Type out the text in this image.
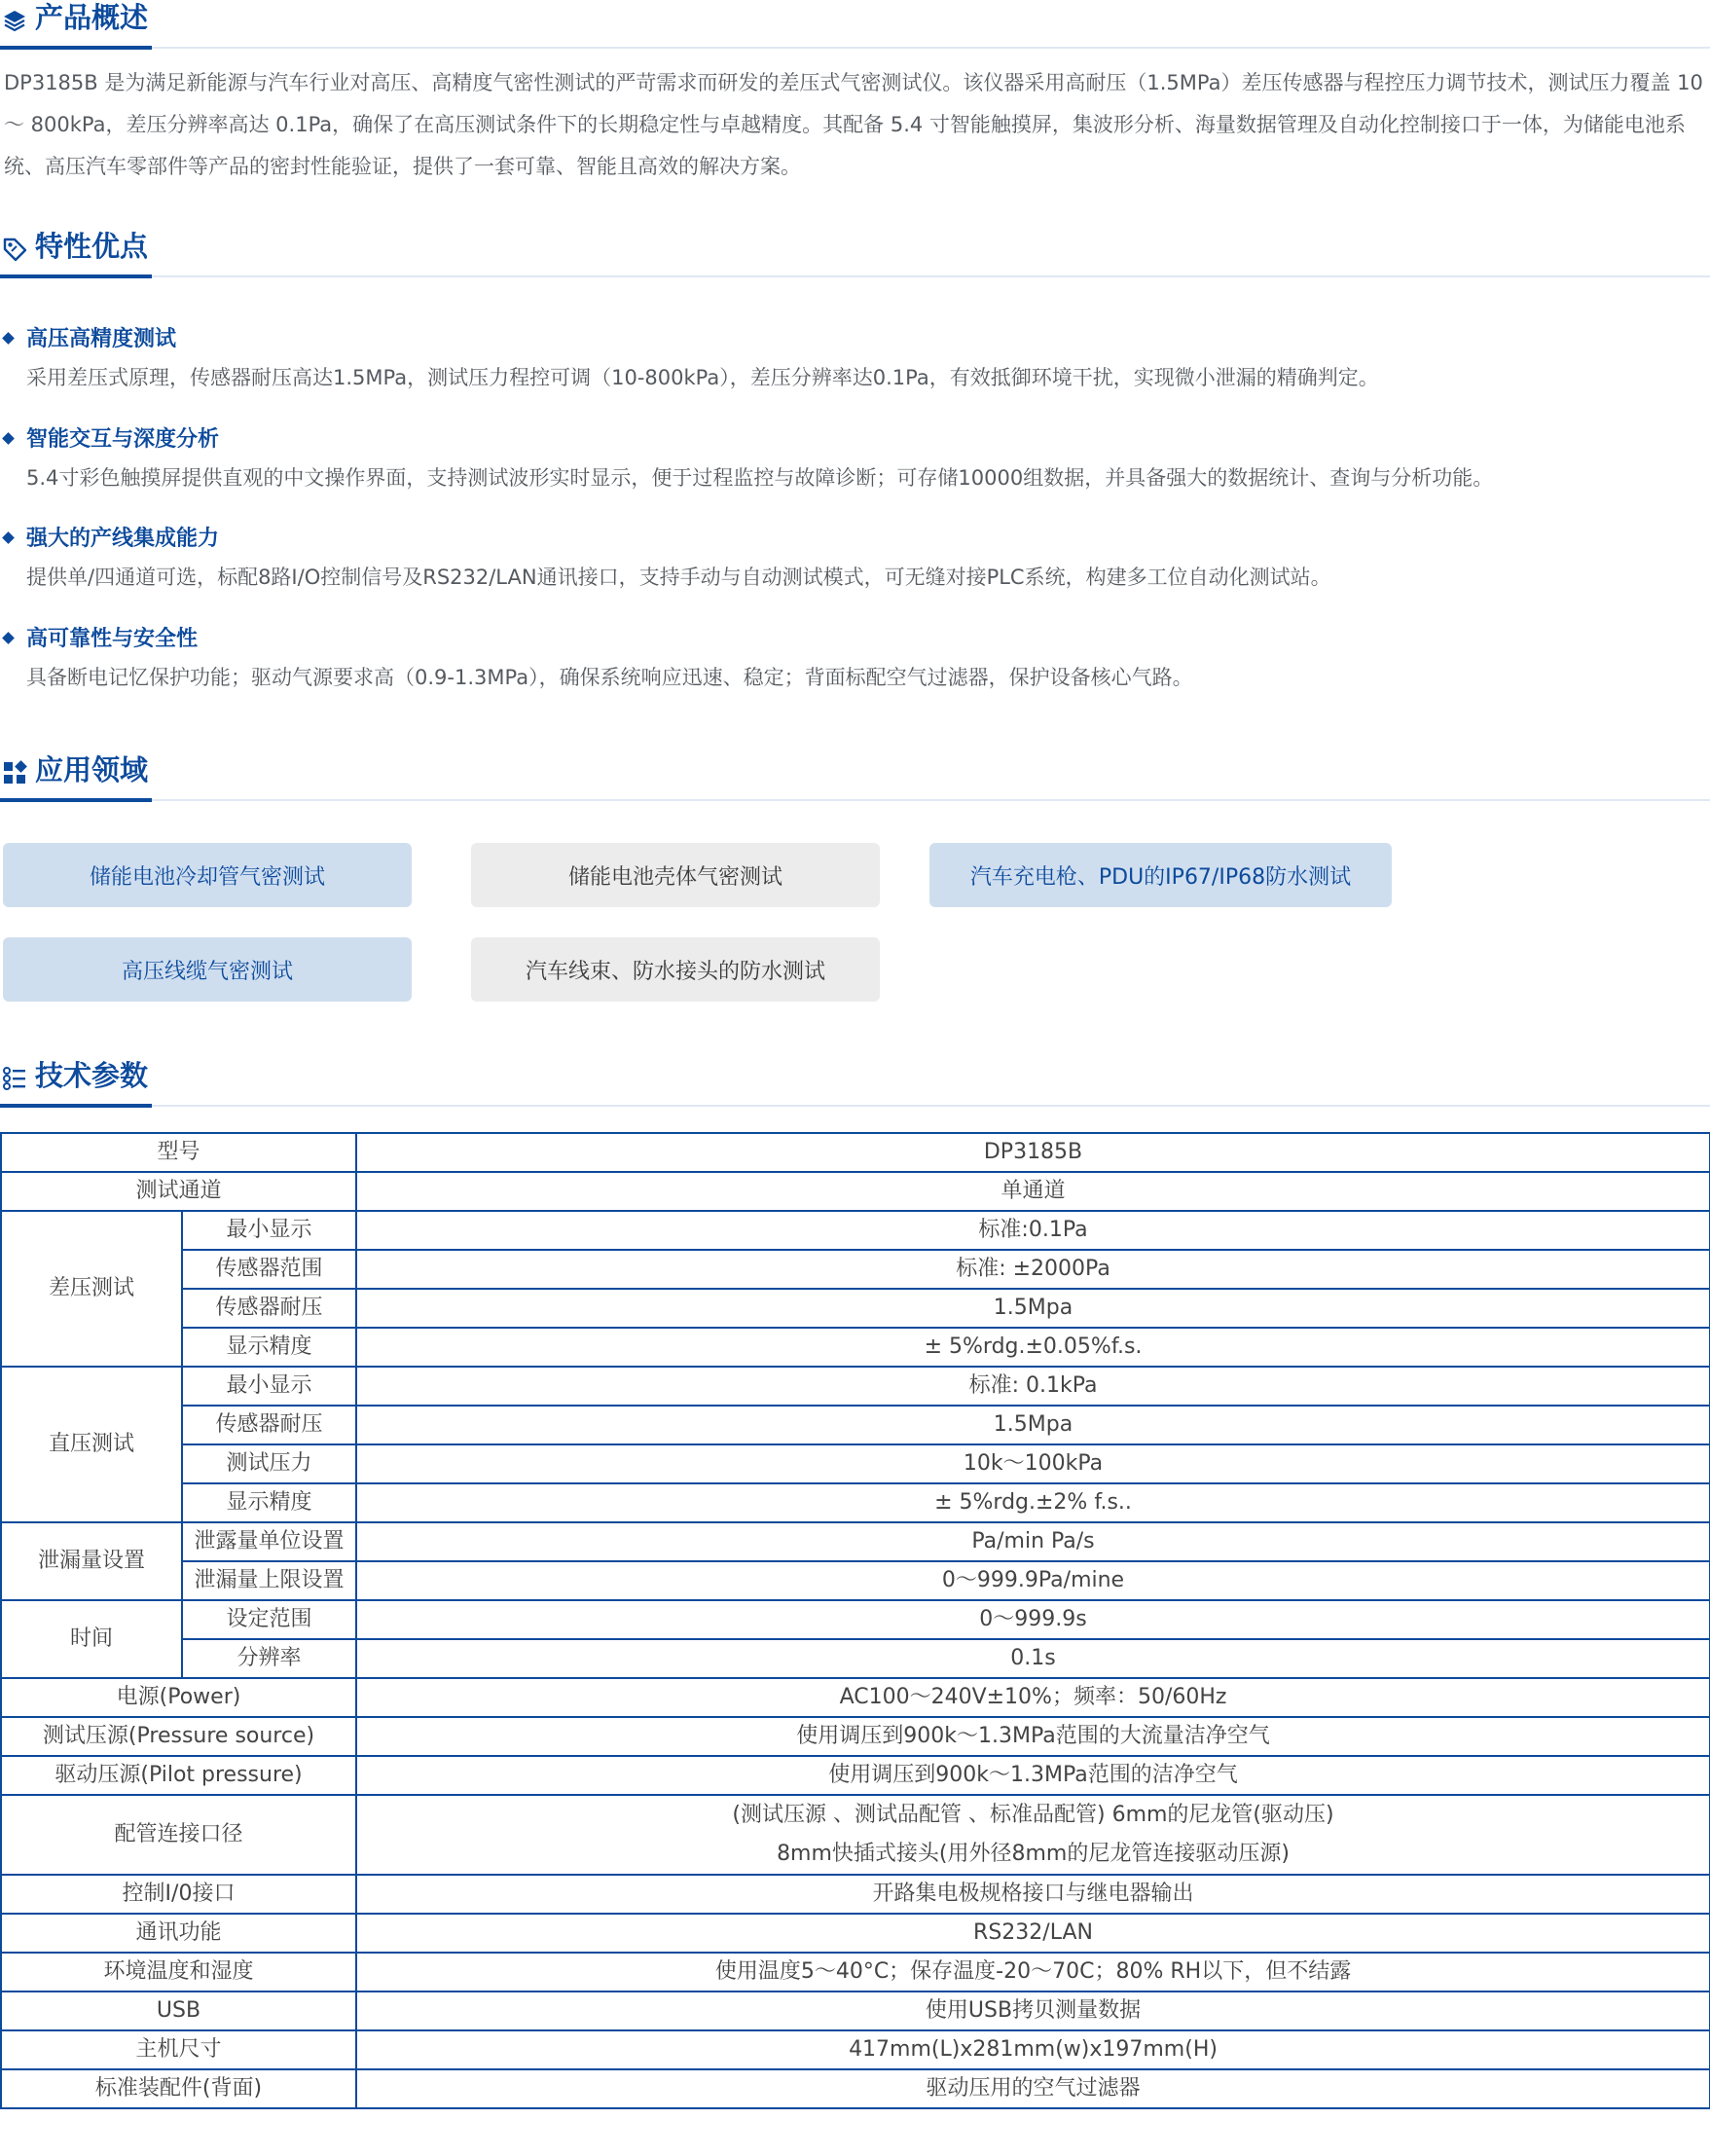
产品概述

DP3185B 是为满足新能源与汽车行业对高压、高精度气密性测试的严苛需求而研发的差压式气密测试仪。该仪器采用高耐压（1.5MPa）差压传感器与程控压力调节技术，测试压力覆盖 10 ～ 800kPa，差压分辨率高达 0.1Pa，确保了在高压测试条件下的长期稳定性与卓越精度。其配备 5.4 寸智能触摸屏，集波形分析、海量数据管理及自动化控制接口于一体，为储能电池系统、高压汽车零部件等产品的密封性能验证，提供了一套可靠、智能且高效的解决方案。

特性优点
高压高精度测试
采用差压式原理，传感器耐压高达1.5MPa，测试压力程控可调（10-800kPa），差压分辨率达0.1Pa，有效抵御环境干扰，实现微小泄漏的精确判定。
智能交互与深度分析
5.4寸彩色触摸屏提供直观的中文操作界面，支持测试波形实时显示，便于过程监控与故障诊断；可存储10000组数据，并具备强大的数据统计、查询与分析功能。
强大的产线集成能力
提供单/四通道可选，标配8路I/O控制信号及RS232/LAN通讯接口，支持手动与自动测试模式，可无缝对接PLC系统，构建多工位自动化测试站。
高可靠性与安全性
具备断电记忆保护功能；驱动气源要求高（0.9-1.3MPa），确保系统响应迅速、稳定；背面标配空气过滤器，保护设备核心气路。
应用领域
储能电池冷却管气密测试	储能电池壳体气密测试	汽车充电枪、PDU的IP67/IP68防水测试
高压线缆气密测试	汽车线束、防水接头的防水测试
技术参数
型号		DP3185B
测试通道		单通道
差压测试	最小显示	标准:0.1Pa
	传感器范围	标准: ±2000Pa
	传感器耐压	1.5Mpa
	显示精度	± 5%rdg.±0.05%f.s.
直压测试	最小显示	标准: 0.1kPa
	传感器耐压	1.5Mpa
	测试压力	10k～100kPa
	显示精度	± 5%rdg.±2% f.s..
泄漏量设置	泄露量单位设置	Pa/min Pa/s
	泄漏量上限设置	0～999.9Pa/mine
时间	设定范围	0～999.9s
	分辨率	0.1s
电源(Power)		AC100～240V±10%；频率：50/60Hz
测试压源(Pressure source)		使用调压到900k～1.3MPa范围的大流量洁净空气
驱动压源(Pilot pressure)		使用调压到900k～1.3MPa范围的洁净空气
配管连接口径		(测试压源 、测试品配管 、标准品配管) 6mm的尼龙管(驱动压)
8mm快插式接头(用外径8mm的尼龙管连接驱动压源)

控制I/0接口		开路集电极规格接口与继电器输出
通讯功能		RS232/LAN
环境温度和湿度		使用温度5～40°C；保存温度-20～70C；80% RH以下，但不结露
USB		使用USB拷贝测量数据
主机尺寸		417mm(L)x281mm(w)x197mm(H)
标准装配件(背面)		驱动压用的空气过滤器
